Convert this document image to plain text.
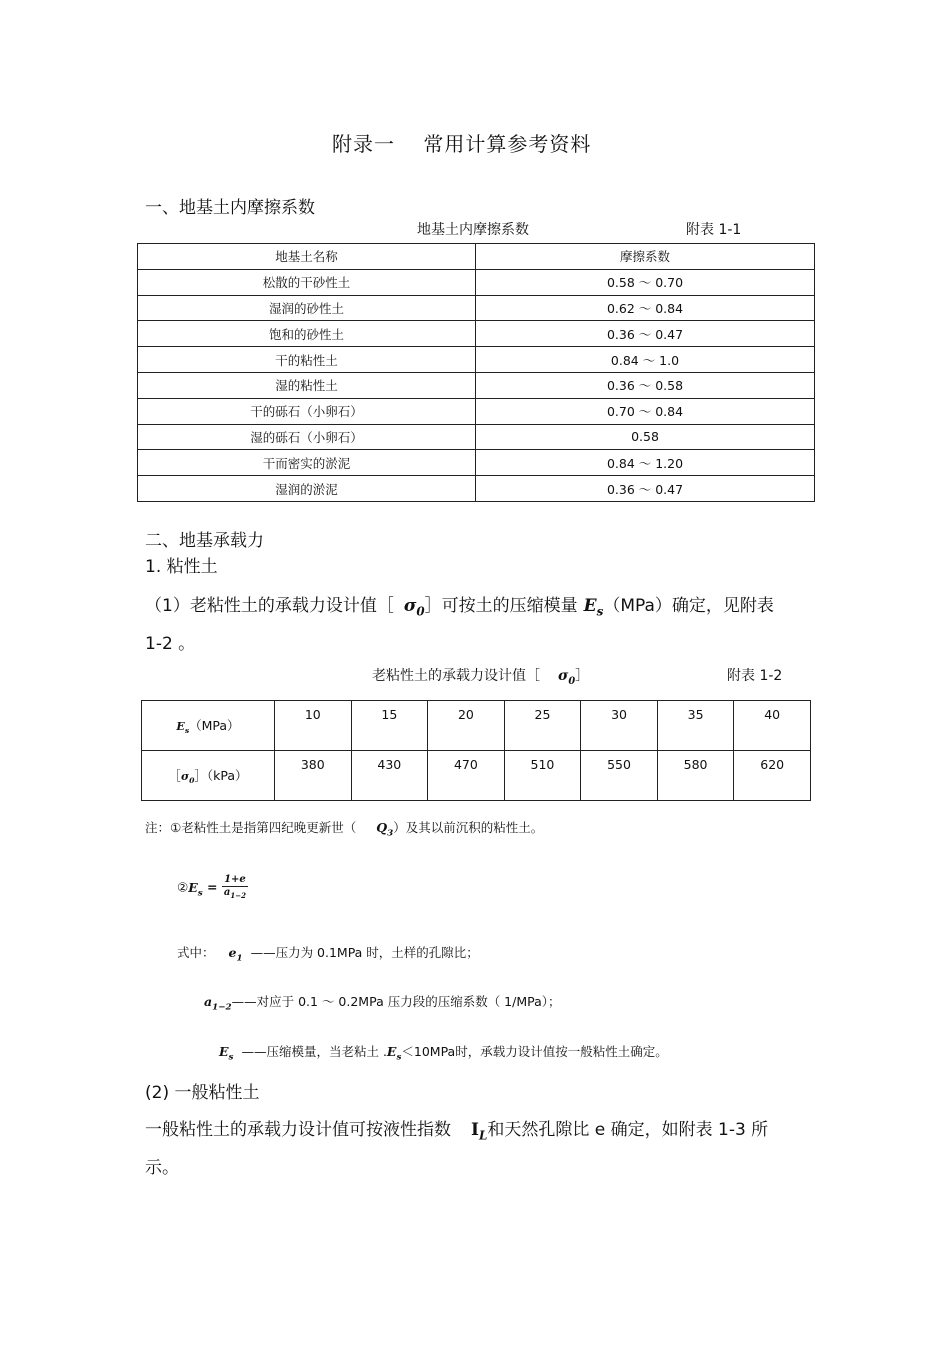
附录一　 常用计算参考资料
一、地基土内摩擦系数
地基土内摩擦系数	附表 1-1
地基土名称	摩擦系数
松散的干砂性土	0.58 ～ 0.70
湿润的砂性土	0.62 ～ 0.84
饱和的砂性土	0.36 ～ 0.47
干的粘性土	0.84 ～ 1.0
湿的粘性土	0.36 ～ 0.58
干的砾石（小卵石）	0.70 ～ 0.84
湿的砾石（小卵石）	0.58
干而密实的淤泥	0.84 ～ 1.20
湿润的淤泥	0.36 ～ 0.47
二、地基承载力
1. 粘性土
（1）老粘性土的承载力设计值［ $\sigma_0]$可按土的压缩模量 $E_s(MPa)$确定，见附表
1-2 。
老粘性土的承载力设计值［ $\sigma_0]$	附表 1-2
$E_s(MPa)$	10	15	20	25	30	35	40
$[\sigma_0](kPa)$	380	430	470	510	550	580	620
注：①老粘性土是指第四纪晚更新世（ $Q_3$）及其以前沉积的粘性土。
$②E_s = \frac{1+e}{a_{1-2}}$
式中： $e_1$ ——压力为 0.1MPa 时，土样的孔隙比；
$a_{1-2}——$对应于 0.1 ～ 0.2MPa 压力段的压缩系数（ 1/MPa）；
$E_s$ ——压缩模量，当老粘土 $.E_s<10MPa$时，承载力设计值按一般粘性土确定。
(2) 一般粘性土
一般粘性土的承载力设计值可按液性指数 $I_L$和天然孔隙比 e 确定，如附表 1-3 所
示。
